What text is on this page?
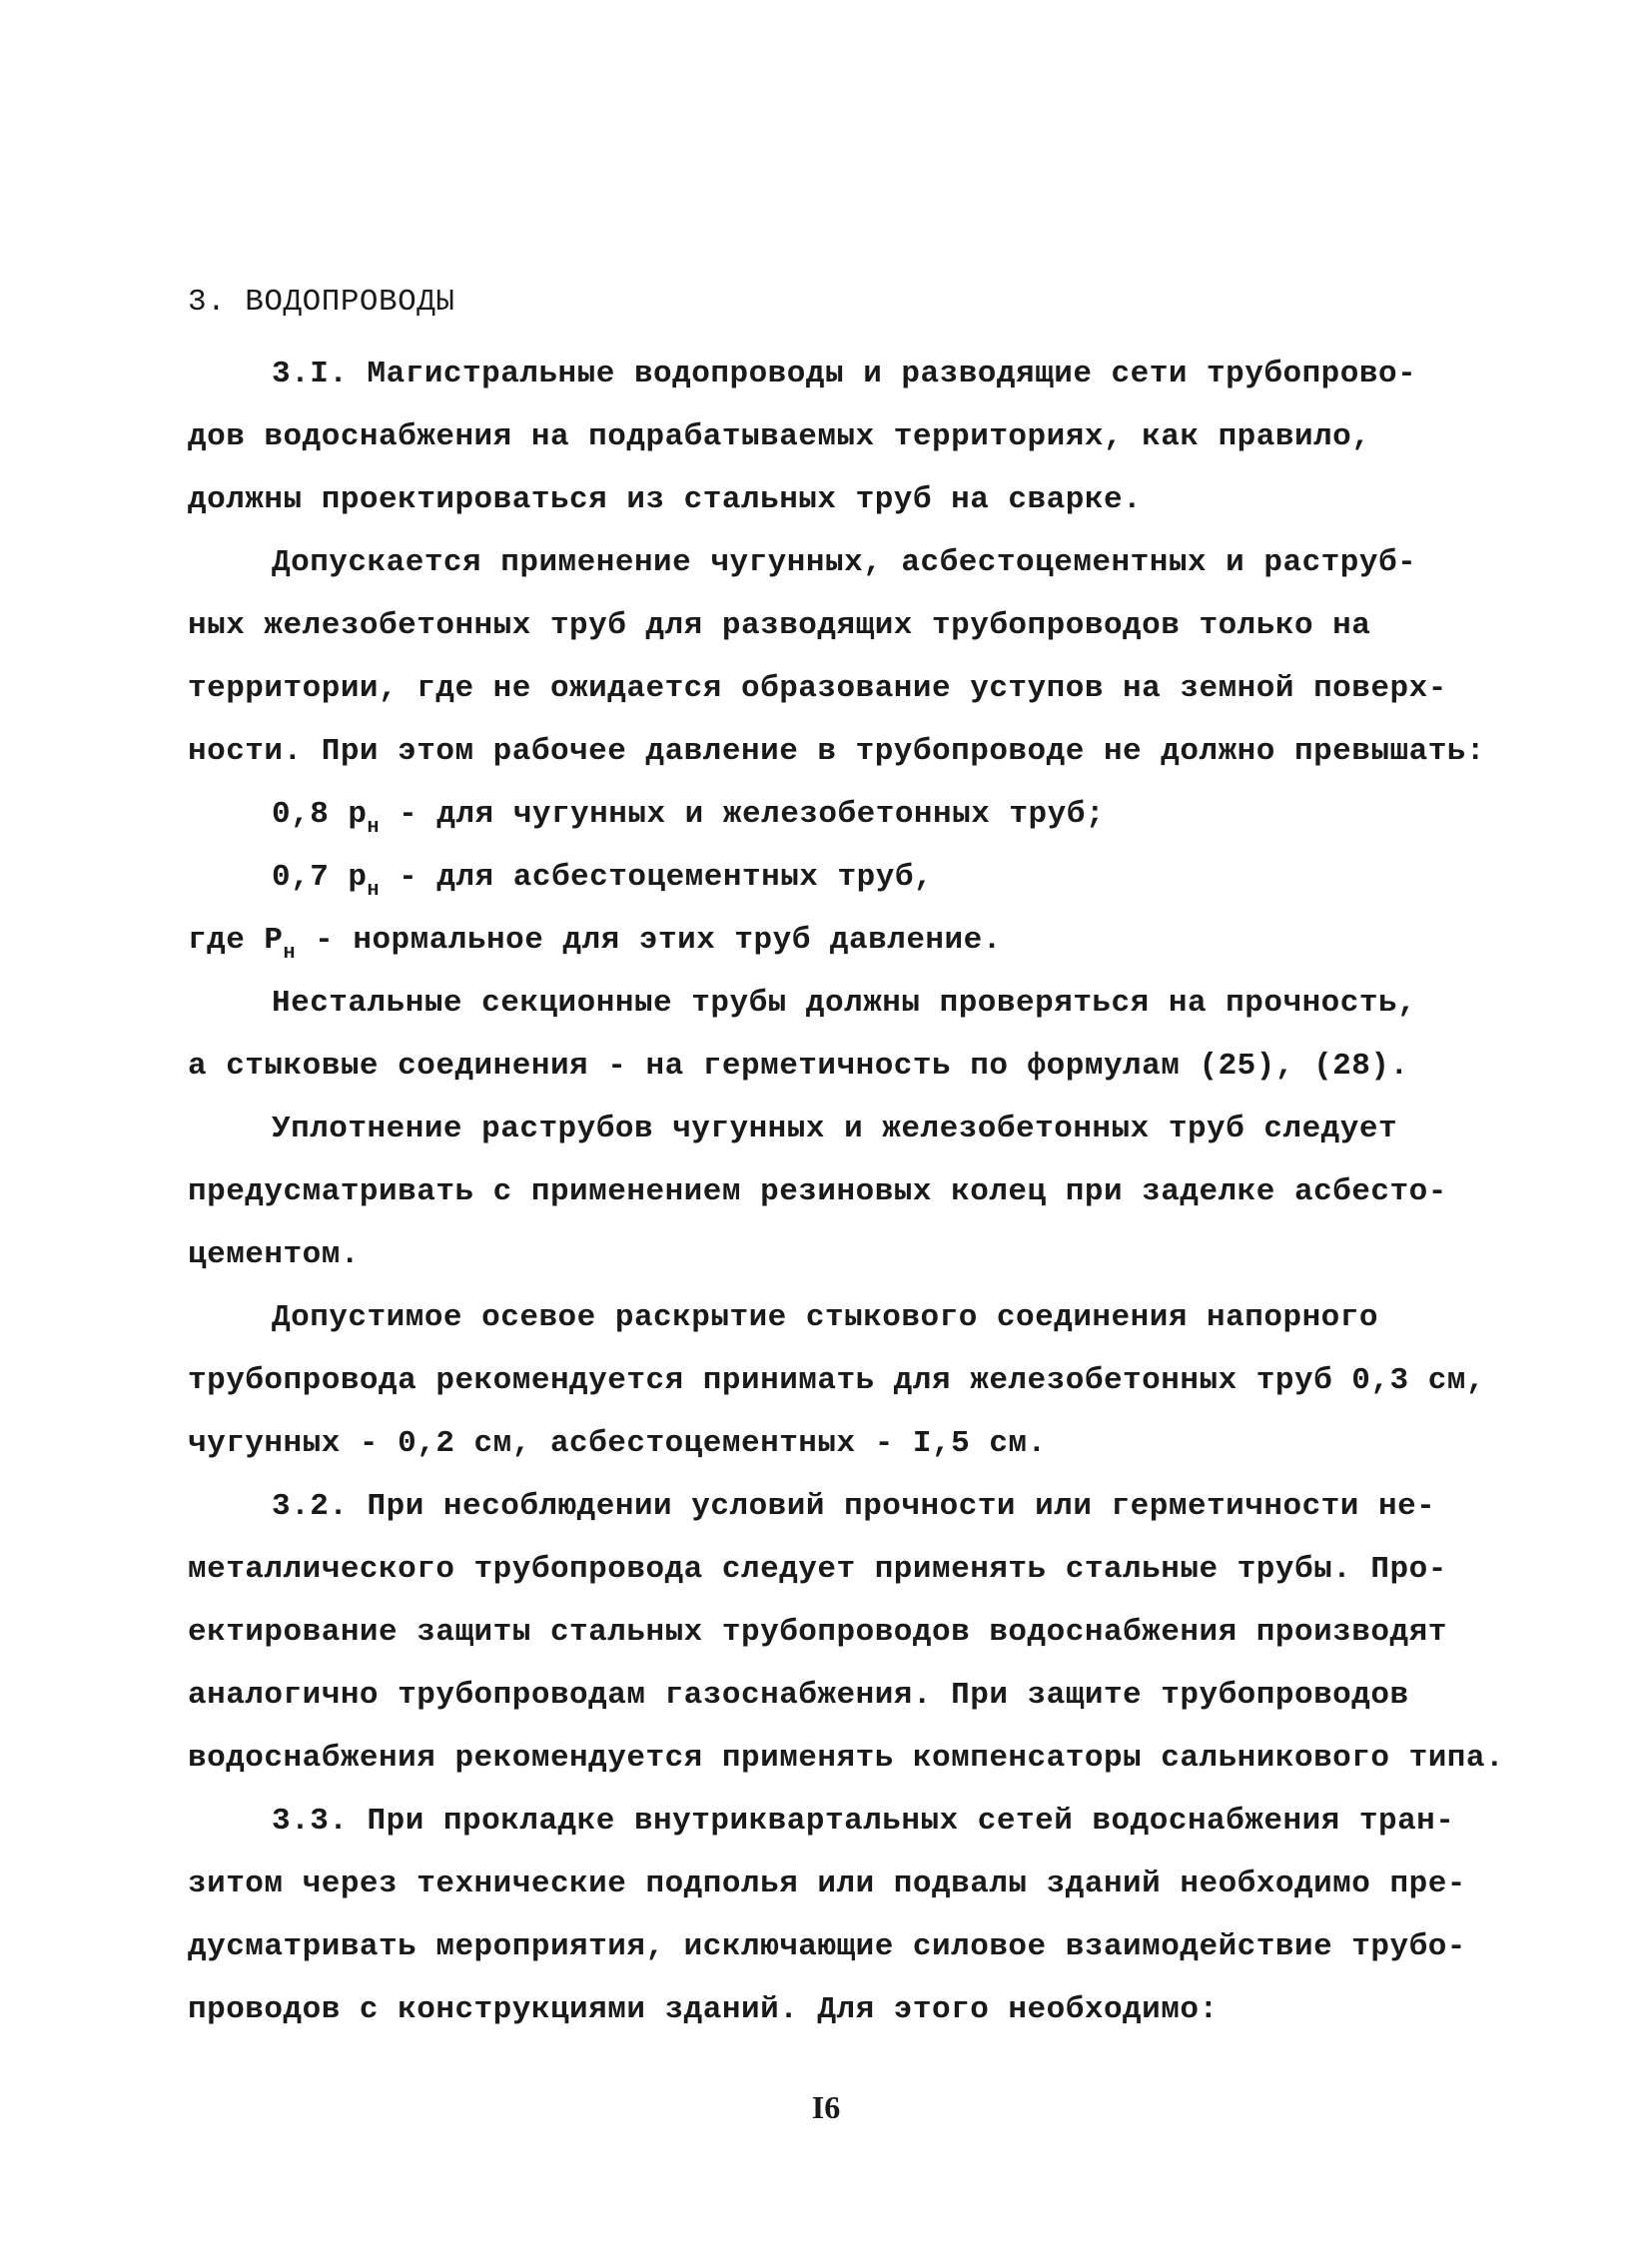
3. ВОДОПРОВОДЫ
3.I. Магистральные водопроводы и разводящие сети трубопрово-
дов водоснабжения на подрабатываемых территориях, как правило,
должны проектироваться из стальных труб на сварке.
Допускается применение чугунных, асбестоцементных и раструб-
ных железобетонных труб для разводящих трубопроводов только на
территории, где не ожидается образование уступов на земной поверх-
ности. При этом рабочее давление в трубопроводе не должно превышать:
0,8 $p_н$ - для чугунных и железобетонных труб;
0,7 $p_н$ - для асбестоцементных труб,
где $P_н$ - нормальное для этих труб давление.
Нестальные секционные трубы должны проверяться на прочность,
а стыковые соединения - на герметичность по формулам (25), (28).
Уплотнение раструбов чугунных и железобетонных труб следует
предусматривать с применением резиновых колец при заделке асбесто-
цементом.
Допустимое осевое раскрытие стыкового соединения напорного
трубопровода рекомендуется принимать для железобетонных труб 0,3 см,
чугунных - 0,2 см, асбестоцементных - I,5 см.
3.2. При несоблюдении условий прочности или герметичности не-
металлического трубопровода следует применять стальные трубы. Про-
ектирование защиты стальных трубопроводов водоснабжения производят
аналогично трубопроводам газоснабжения. При защите трубопроводов
водоснабжения рекомендуется применять компенсаторы сальникового типа.
3.3. При прокладке внутриквартальных сетей водоснабжения тран-
зитом через технические подполья или подвалы зданий необходимо пре-
дусматривать мероприятия, исключающие силовое взаимодействие трубо-
проводов с конструкциями зданий. Для этого необходимо:
I6
